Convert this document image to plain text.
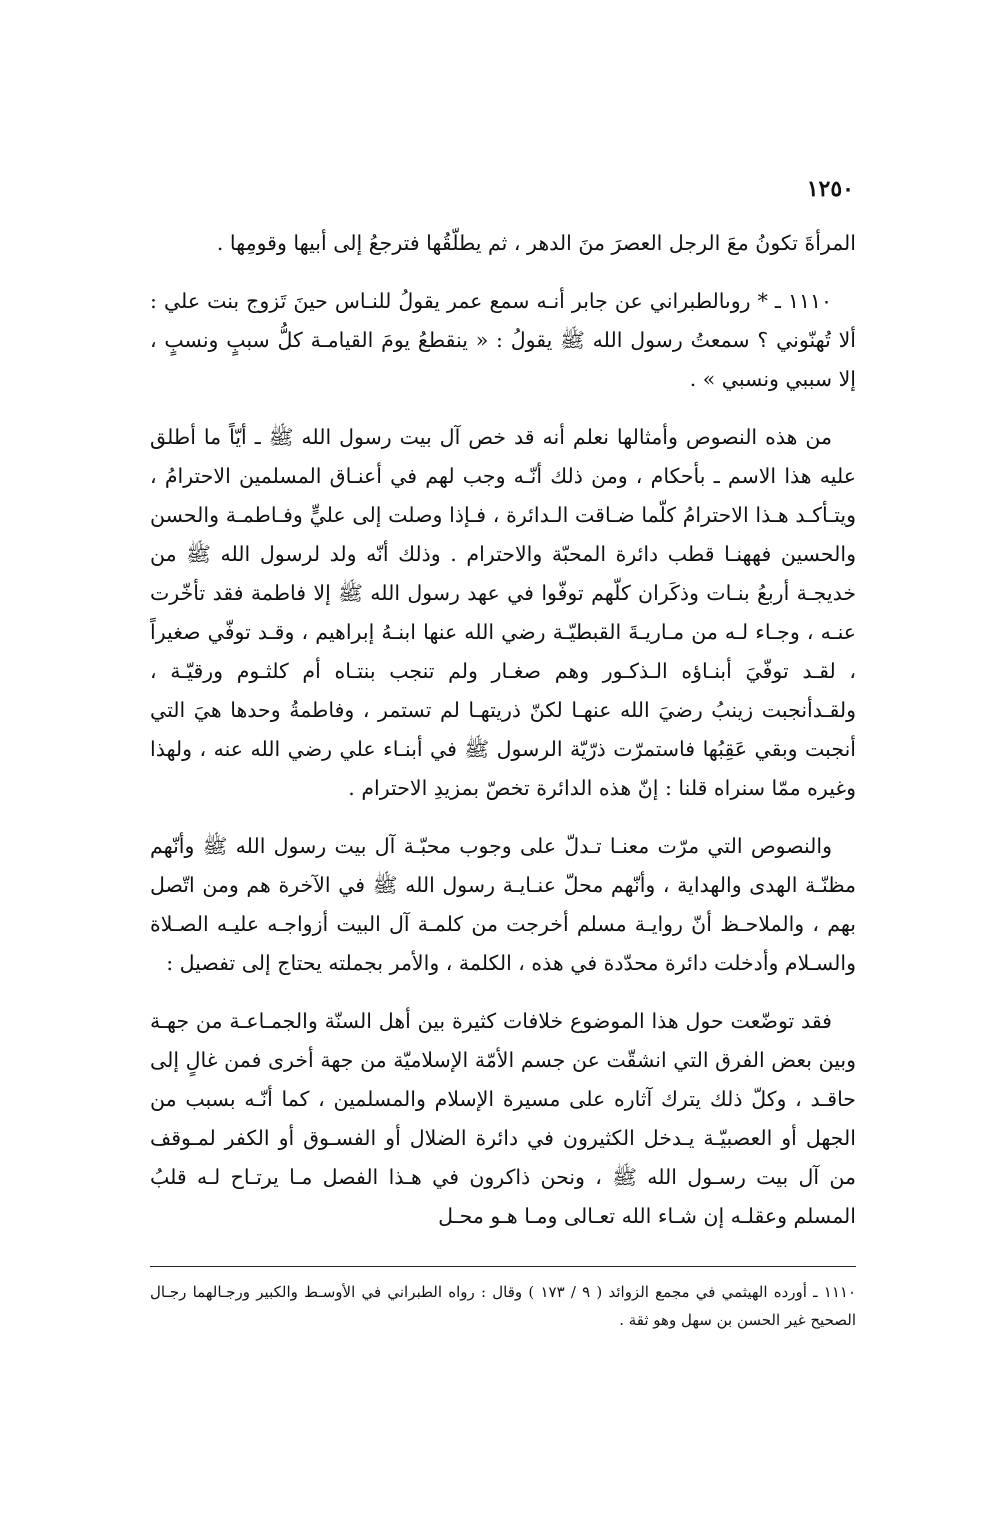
١٢٥٠

المرأةَ تكونُ معَ الرجل العصرَ منَ الدهر ، ثم يطلّقُها فترجعُ إلى أبيها وقومِها .

١١١٠ ـ * روىالطبراني عن جابر أنـه سمع عمر يقولُ للنـاس حينَ تَزوج بنت علي : ألا تُهنّوني ؟ سمعتُ رسول الله ﷺ يقولُ : « ينقطعُ يومَ القيامـة كلُّ سببٍ ونسبٍ ، إلا سببي ونسبي » .

من هذه النصوص وأمثالها نعلم أنه قد خص آل بيت رسول الله ﷺ ـ أيّاً ما أطلق عليه هذا الاسم ـ بأحكام ، ومن ذلك أنّـه وجب لهم في أعنـاق المسلمين الاحترامُ ، ويتـأكـد هـذا الاحترامُ كلّما ضـاقت الـدائرة ، فـإذا وصلت إلى عليٍّ وفـاطمـة والحسن والحسين فههنـا قطب دائرة المحبّة والاحترام . وذلك أنّه ولد لرسول الله ﷺ من خديجـة أربعُ بنـات وذكَران كلّهم توفّوا في عهد رسول الله ﷺ إلا فاطمة فقد تأخّرت عنـه ، وجـاء لـه من مـاريـةَ القبطيّـة رضي الله عنها ابنـهُ إبراهيم ، وقـد توفّي صغيراً ، لقـد توفّيَ أبنـاؤه الـذكـور وهم صغـار ولم تنجب بنتـاه أم كلثـوم ورقيّـة ، ولقـدأنجبت زينبُ رضيَ الله عنهـا لكنّ ذريتهـا لم تستمر ، وفاطمةُ وحدها هيَ التي أنجبت وبقي عَقِبُها فاستمرّت ذرّيّة الرسول ﷺ في أبنـاء علي رضي الله عنه ، ولهذا وغيره ممّا سنراه قلنا : إنّ هذه الدائرة تخصّ بمزيدِ الاحترام .

والنصوص التي مرّت معنـا تـدلّ على وجوب محبّـة آل بيت رسول الله ﷺ وأنّهم مظنّـة الهدى والهداية ، وأنّهم محلّ عنـايـة رسول الله ﷺ في الآخرة هم ومن اتّصل بهم ، والملاحـظ أنّ روايـة مسلم أخرجت من كلمـة آل البيت أزواجـه عليـه الصـلاة والسـلام وأدخلت دائرة محدّدة في هذه ، الكلمة ، والأمر بجملته يحتاج إلى تفصيل :

فقد توضّعت حول هذا الموضوع خلافات كثيرة بين أهل السنّة والجمـاعـة من جهـة وبين بعض الفرق التي انشقّت عن جسم الأمّة الإسلاميّة من جهة أخرى فمن غالٍ إلى حاقـد ، وكلّ ذلك يترك آثاره على مسيرة الإسلام والمسلمين ، كما أنّـه بسبب من الجهل أو العصبيّـة يـدخل الكثيرون في دائرة الضلال أو الفسـوق أو الكفر لمـوقف من آل بيت رسـول الله ﷺ ، ونحن ذاكرون في هـذا الفصل مـا يرتـاح لـه قلبُ المسلم وعقلـه إن شـاء الله تعـالى ومـا هـو محـل

١١١٠ ـ أورده الهيثمي في مجمع الزوائد ( ٩ / ١٧٣ ) وقال : رواه الطبراني في الأوسـط والكبير ورجـالهما رجـال الصحيح غير الحسن بن سهل وهو ثقة .
